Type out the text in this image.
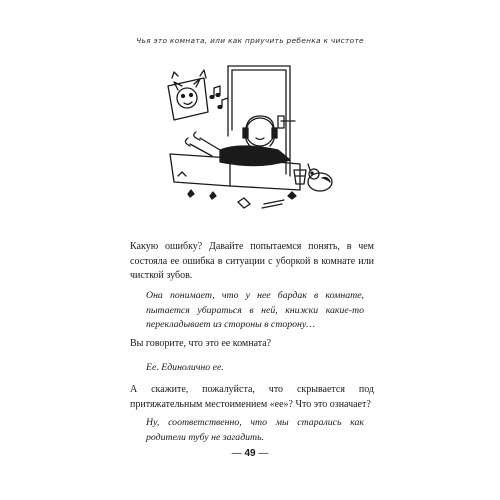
Чья это комната, или как приучить ребенка к чистоте
Какую ошибку? Давайте попытаемся понять, в чем состояла ее ошибка в ситуации с уборкой в комнате или чисткой зубов.
Она понимает, что у нее бардак в комнате, пытается убираться в ней, книжки какие-то перекладывает из стороны в сторону…
Вы говорите, что это ее комната?
Ее. Единолично ее.
А скажите, пожалуйста, что скрывается под притяжательным местоимением «ее»? Что это означает?
Ну, соответственно, что мы старались как родители тубу не загадить.
— 49 —
